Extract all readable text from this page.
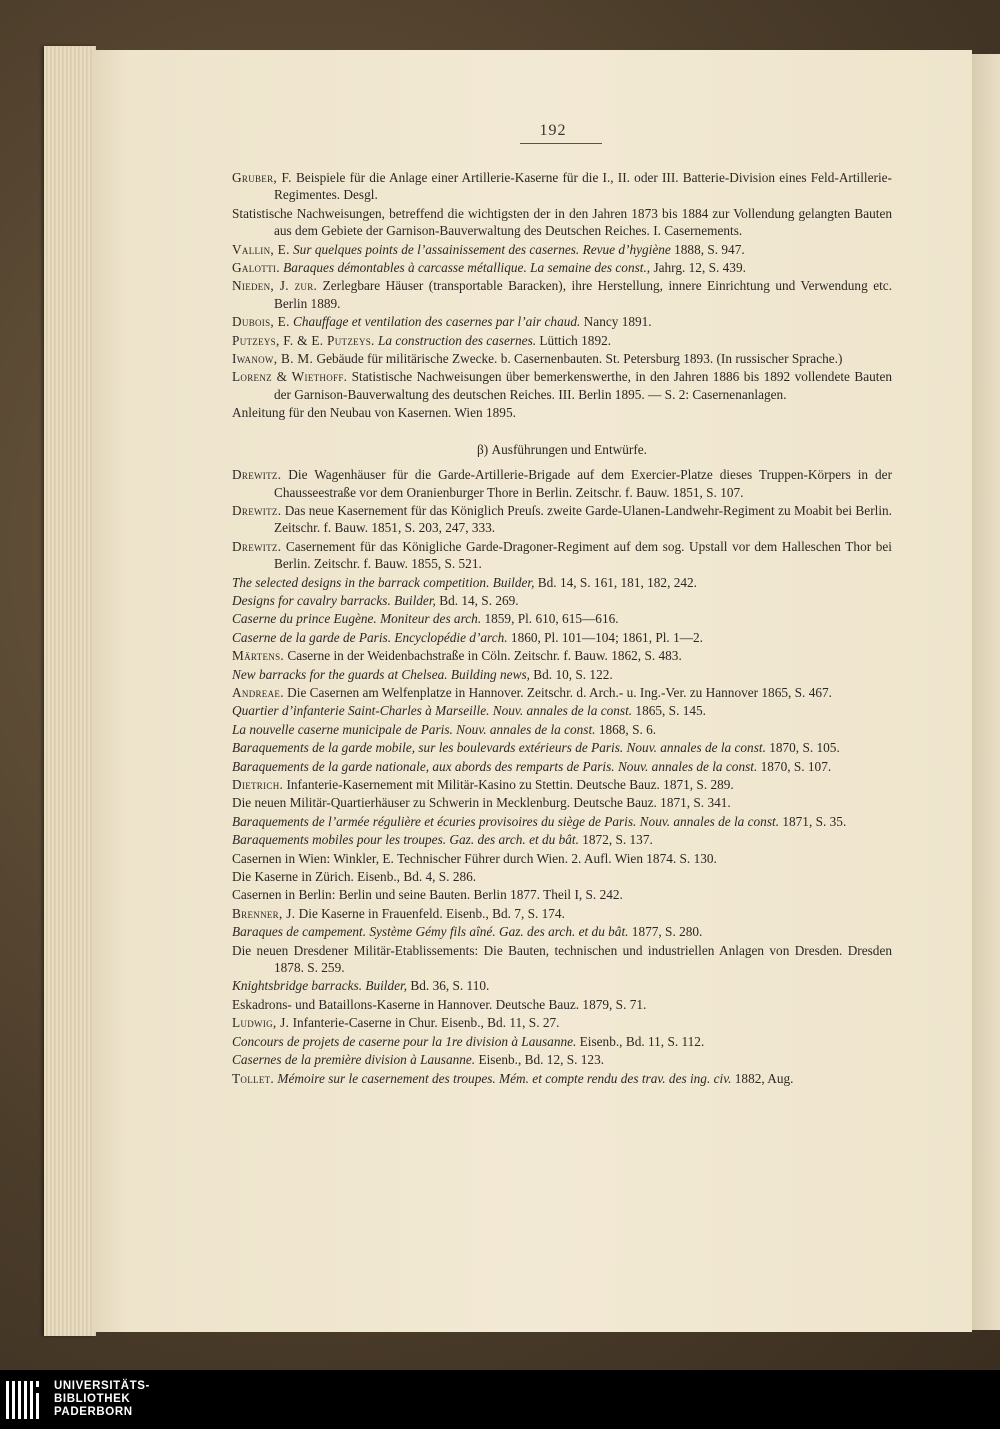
192
Gruber, F. Beispiele für die Anlage einer Artillerie-Kaserne für die I., II. oder III. Batterie-Division eines Feld-Artillerie-Regimentes. Desgl.
Statistische Nachweisungen, betreffend die wichtigsten der in den Jahren 1873 bis 1884 zur Vollendung gelangten Bauten aus dem Gebiete der Garnison-Bauverwaltung des Deutschen Reiches. I. Casernements.
Vallin, E. Sur quelques points de l’assainissement des casernes. Revue d’hygiène 1888, S. 947.
Galotti. Baraques démontables à carcasse métallique. La semaine des const., Jahrg. 12, S. 439.
Nieden, J. zur. Zerlegbare Häuser (transportable Baracken), ihre Herstellung, innere Einrichtung und Verwendung etc. Berlin 1889.
Dubois, E. Chauffage et ventilation des casernes par l’air chaud. Nancy 1891.
Putzeys, F. & E. Putzeys. La construction des casernes. Lüttich 1892.
Iwanow, B. M. Gebäude für militärische Zwecke. b. Casernenbauten. St. Petersburg 1893. (In russischer Sprache.)
Lorenz & Wiethoff. Statistische Nachweisungen über bemerkenswerthe, in den Jahren 1886 bis 1892 vollendete Bauten der Garnison-Bauverwaltung des deutschen Reiches. III. Berlin 1895. — S. 2: Casernenanlagen.
Anleitung für den Neubau von Kasernen. Wien 1895.
β) Ausführungen und Entwürfe.
Drewitz. Die Wagenhäuser für die Garde-Artillerie-Brigade auf dem Exercier-Platze dieses Truppen-Körpers in der Chausseestraße vor dem Oranienburger Thore in Berlin. Zeitschr. f. Bauw. 1851, S. 107.
Drewitz. Das neue Kasernement für das Königlich Preuſs. zweite Garde-Ulanen-Landwehr-Regiment zu Moabit bei Berlin. Zeitschr. f. Bauw. 1851, S. 203, 247, 333.
Drewitz. Casernement für das Königliche Garde-Dragoner-Regiment auf dem sog. Upstall vor dem Halleschen Thor bei Berlin. Zeitschr. f. Bauw. 1855, S. 521.
The selected designs in the barrack competition. Builder, Bd. 14, S. 161, 181, 182, 242.
Designs for cavalry barracks. Builder, Bd. 14, S. 269.
Caserne du prince Eugène. Moniteur des arch. 1859, Pl. 610, 615—616.
Caserne de la garde de Paris. Encyclopédie d’arch. 1860, Pl. 101—104; 1861, Pl. 1—2.
Märtens. Caserne in der Weidenbachstraße in Cöln. Zeitschr. f. Bauw. 1862, S. 483.
New barracks for the guards at Chelsea. Building news, Bd. 10, S. 122.
Andreae. Die Casernen am Welfenplatze in Hannover. Zeitschr. d. Arch.- u. Ing.-Ver. zu Hannover 1865, S. 467.
Quartier d’infanterie Saint-Charles à Marseille. Nouv. annales de la const. 1865, S. 145.
La nouvelle caserne municipale de Paris. Nouv. annales de la const. 1868, S. 6.
Baraquements de la garde mobile, sur les boulevards extérieurs de Paris. Nouv. annales de la const. 1870, S. 105.
Baraquements de la garde nationale, aux abords des remparts de Paris. Nouv. annales de la const. 1870, S. 107.
Dietrich. Infanterie-Kasernement mit Militär-Kasino zu Stettin. Deutsche Bauz. 1871, S. 289.
Die neuen Militär-Quartierhäuser zu Schwerin in Mecklenburg. Deutsche Bauz. 1871, S. 341.
Baraquements de l’armée régulière et écuries provisoires du siège de Paris. Nouv. annales de la const. 1871, S. 35.
Baraquements mobiles pour les troupes. Gaz. des arch. et du bât. 1872, S. 137.
Casernen in Wien: Winkler, E. Technischer Führer durch Wien. 2. Aufl. Wien 1874. S. 130.
Die Kaserne in Zürich. Eisenb., Bd. 4, S. 286.
Casernen in Berlin: Berlin und seine Bauten. Berlin 1877. Theil I, S. 242.
Brenner, J. Die Kaserne in Frauenfeld. Eisenb., Bd. 7, S. 174.
Baraques de campement. Système Gémy fils aîné. Gaz. des arch. et du bât. 1877, S. 280.
Die neuen Dresdener Militär-Etablissements: Die Bauten, technischen und industriellen Anlagen von Dresden. Dresden 1878. S. 259.
Knightsbridge barracks. Builder, Bd. 36, S. 110.
Eskadrons- und Bataillons-Kaserne in Hannover. Deutsche Bauz. 1879, S. 71.
Ludwig, J. Infanterie-Caserne in Chur. Eisenb., Bd. 11, S. 27.
Concours de projets de caserne pour la 1re division à Lausanne. Eisenb., Bd. 11, S. 112.
Casernes de la première division à Lausanne. Eisenb., Bd. 12, S. 123.
Tollet. Mémoire sur le casernement des troupes. Mém. et compte rendu des trav. des ing. civ. 1882, Aug.
UNIVERSITÄTS-
BIBLIOTHEK
PADERBORN
